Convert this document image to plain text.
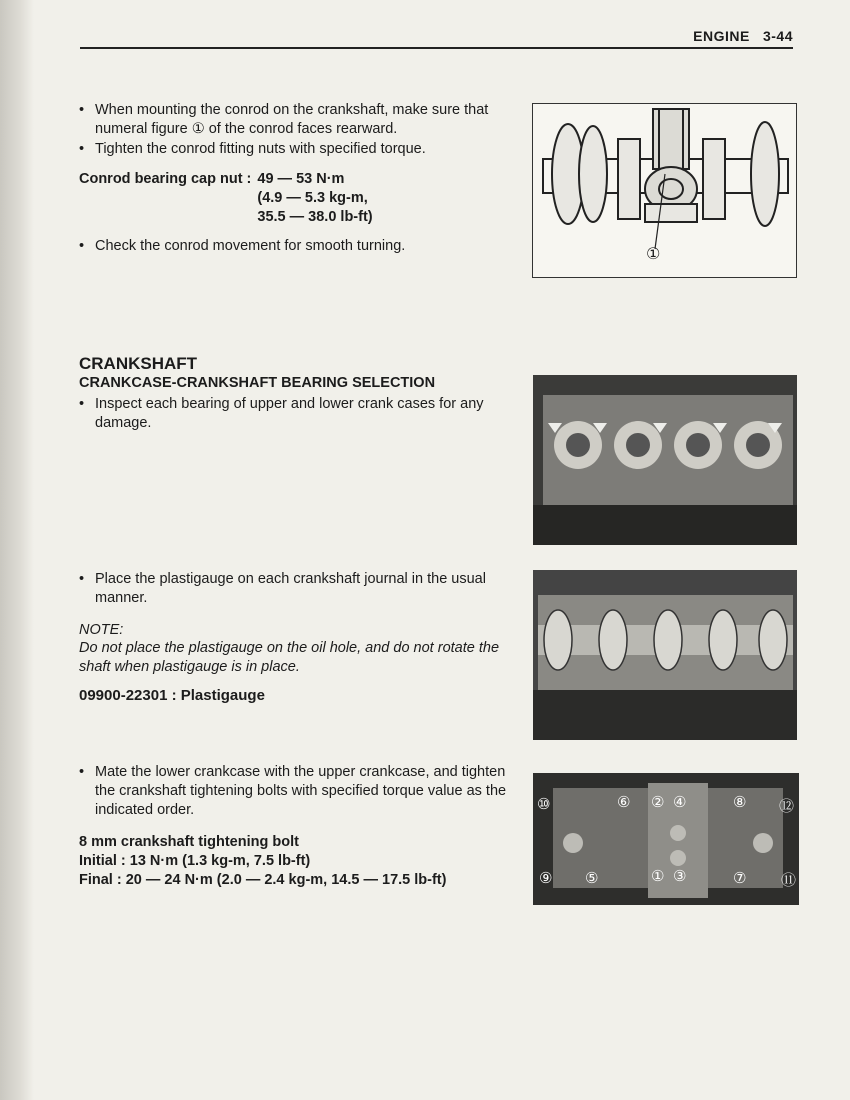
ENGINE   3-44
• When mounting the conrod on the crankshaft, make sure that numeral figure ① of the conrod faces rearward.
• Tighten the conrod fitting nuts with specified torque.
Conrod bearing cap nut :	49 — 53 N·m
	(4.9 — 5.3 kg-m,
	35.5 — 38.0 lb-ft)
• Check the conrod movement for smooth turning.	①
CRANKSHAFT
CRANKCASE-CRANKSHAFT BEARING SELECTION
• Inspect each bearing of upper and lower crank cases for any damage.
• Place the plastigauge on each crankshaft journal in the usual manner.
NOTE:
Do not place the plastigauge on the oil hole, and do not rotate the shaft when plastigauge is in place.
09900-22301 : Plastigauge
• Mate the lower crankcase with the upper crankcase, and tighten the crankshaft tightening bolts with specified torque value as the indicated order.
8 mm crankshaft tightening bolt
Initial : 13 N·m (1.3 kg-m, 7.5 lb-ft)
Final : 20 — 24 N·m (2.0 — 2.4 kg-m, 14.5 — 17.5 lb-ft)
⑩	⑥ ② ④	⑧ ⑫
⑨ ⑤	① ③	⑦ ⑪
